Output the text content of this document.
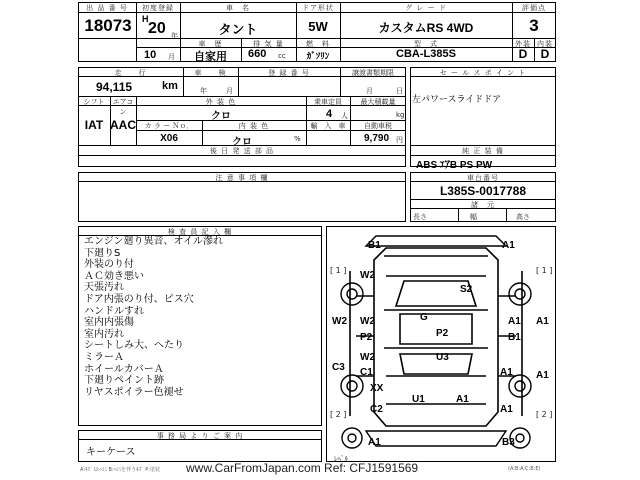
出 品 番 号
18073
初度登録
H
20 年
10 月
車　名
タント
ドア形状
5W
グ レ ー ド
カスタムRS 4WD
評価点
3
車　歴
自家用
排 気 量
660 cc
燃　料
ｶﾞｿﾘﾝ
型　式
CBA-L385S
外装
D
内装
D
走　　行
94,115	km
車　　検
年	月
登 録 番 号	譲渡書類期限
月	日
シフト
IAT
エアコン
AAC
外 装 色
クロ
カ ラ ー Ｎｏ．
X06
内 装 色
クロ	%
乗車定員
4 人
最大積載量
kg
輸　入　車	自動車税
9,790 円
後 日 発 送 部 品
セ ー ル ス ポ イ ン ト
左パワースライドドア
純 正 装 備
ABS ｴｱB PS PW
注 意 事 項 欄	車台番号
L385S-0017788
諸　元
長さ	幅	高さ
検 査 員 記 入 欄
エンジン廻り異音、オイル滲れ
下廻りS
外装のり付
ＡＣ効き悪い
天張汚れ
ドア内張のり付、ビス穴
ハンドルすれ
室内内張傷
室内汚れ
シートしみ大、へたり
ミラーＡ
ホイールカバーＡ
下廻りペイント跡
リヤスポイラー色褪せ
事 務 局 よ り ご 案 内
キーケース
B1	A1
W2
S2
W2	G	A1 A1
W2
P2	P2	B1
W2	U3
C3 C1
XX
A1 A1
U1	A1
C2	A1
A1	B3
[ 1 ]	[ 1 ]
[ 2 ]	[ 2 ]
ﾚﾍﾞﾙ
A:ｷｽﾞ U:ﾍｺﾐ B:ﾍｺﾐを伴うｷｽﾞ P:塗装	(A:B:A:C:B:E)
www.CarFromJapan.com Ref: CFJ1591569
